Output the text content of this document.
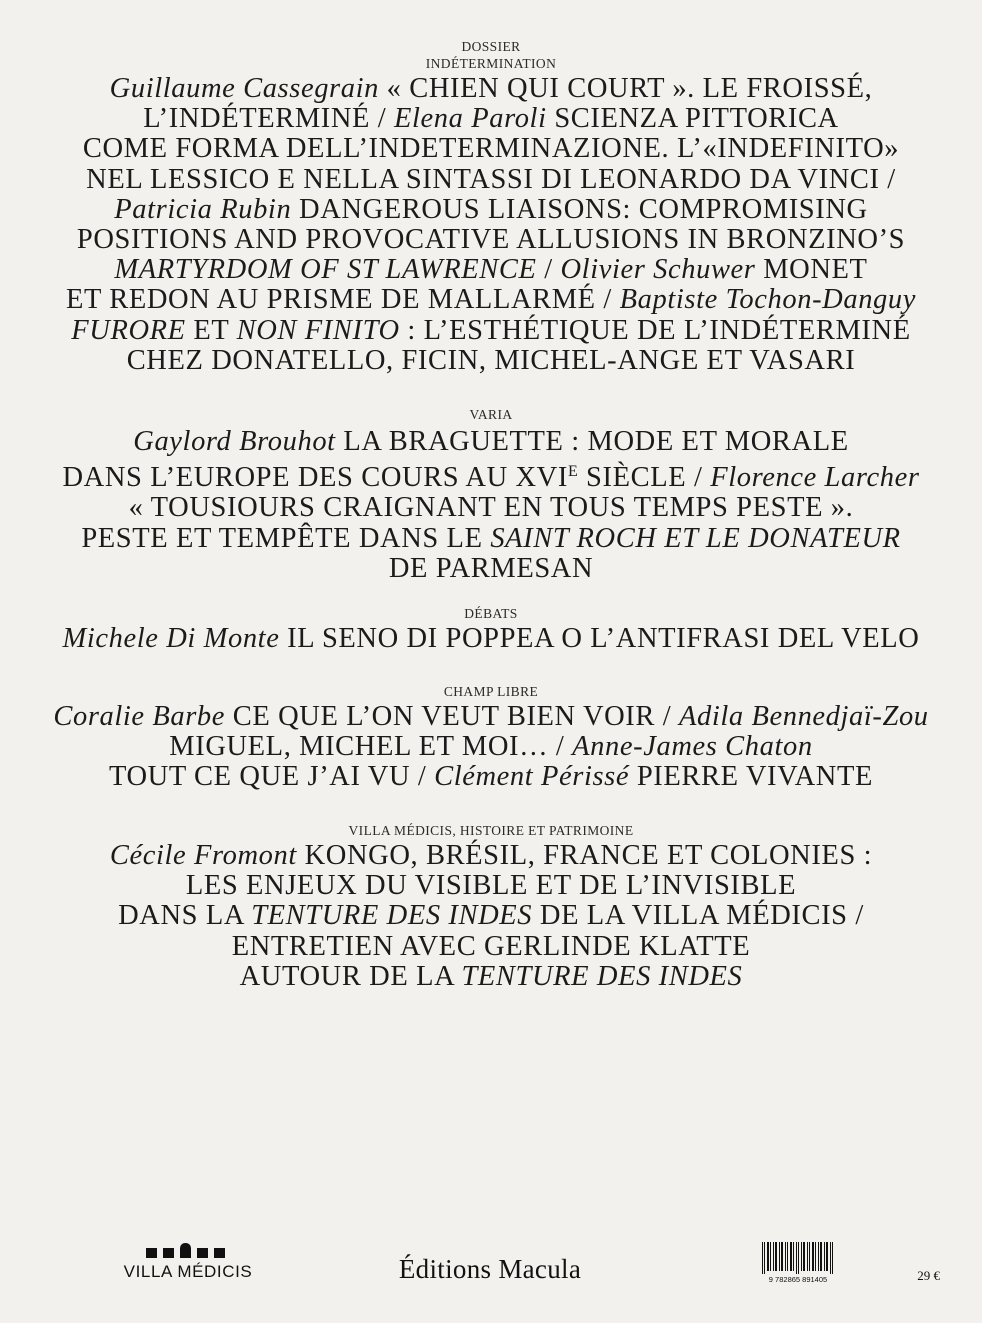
DOSSIER
INDÉTERMINATION
Guillaume Cassegrain « CHIEN QUI COURT ». LE FROISSÉ,
L’INDÉTERMINÉ / Elena Paroli SCIENZA PITTORICA
COME FORMA DELL’INDETERMINAZIONE. L’«INDEFINITO»
NEL LESSICO E NELLA SINTASSI DI LEONARDO DA VINCI /
Patricia Rubin DANGEROUS LIAISONS: COMPROMISING
POSITIONS AND PROVOCATIVE ALLUSIONS IN BRONZINO’S
MARTYRDOM OF ST LAWRENCE / Olivier Schuwer MONET
ET REDON AU PRISME DE MALLARMÉ / Baptiste Tochon-Danguy
FURORE ET NON FINITO : L’ESTHÉTIQUE DE L’INDÉTERMINÉ
CHEZ DONATELLO, FICIN, MICHEL-ANGE ET VASARI
VARIA
Gaylord Brouhot LA BRAGUETTE : MODE ET MORALE
DANS L’EUROPE DES COURS AU $XVI^E$ SIÈCLE / Florence Larcher
« TOUSIOURS CRAIGNANT EN TOUS TEMPS PESTE ».
PESTE ET TEMPÊTE DANS LE SAINT ROCH ET LE DONATEUR
DE PARMESAN
DÉBATS
Michele Di Monte IL SENO DI POPPEA O L’ANTIFRASI DEL VELO
CHAMP LIBRE
Coralie Barbe CE QUE L’ON VEUT BIEN VOIR / Adila Bennedjaï-Zou
MIGUEL, MICHEL ET MOI… / Anne-James Chaton
TOUT CE QUE J’AI VU / Clément Périssé PIERRE VIVANTE
VILLA MÉDICIS, HISTOIRE ET PATRIMOINE
Cécile Fromont KONGO, BRÉSIL, FRANCE ET COLONIES :
LES ENJEUX DU VISIBLE ET DE L’INVISIBLE
DANS LA TENTURE DES INDES DE LA VILLA MÉDICIS /
ENTRETIEN AVEC GERLINDE KLATTE
AUTOUR DE LA TENTURE DES INDES
VILLA MÉDICIS	Éditions Macula	9 782865 891405	29 €
